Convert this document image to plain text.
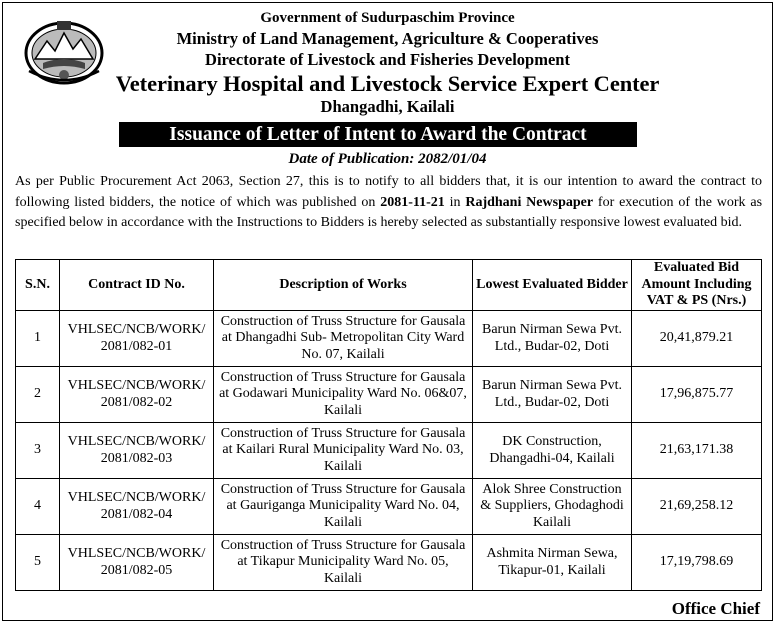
Government of Sudurpaschim Province
Ministry of Land Management, Agriculture & Cooperatives
Directorate of Livestock and Fisheries Development
Veterinary Hospital and Livestock Service Expert Center
Dhangadhi, Kailali
Issuance of Letter of Intent to Award the Contract
Date of Publication: 2082/01/04
As per Public Procurement Act 2063, Section 27, this is to notify to all bidders that, it is our intention to award the contract to following listed bidders, the notice of which was published on 2081-11-21 in Rajdhani Newspaper for execution of the work as specified below in accordance with the Instructions to Bidders is hereby selected as substantially responsive lowest evaluated bid.
S.N.	Contract ID No.	Description of Works	Lowest Evaluated Bidder	Evaluated Bid Amount Including VAT & PS (Nrs.)
1	VHLSEC/NCB/WORK/ 2081/082-01	Construction of Truss Structure for Gausala at Dhangadhi Sub- Metropolitan City Ward No. 07, Kailali	Barun Nirman Sewa Pvt. Ltd., Budar-02, Doti	20,41,879.21
2	VHLSEC/NCB/WORK/ 2081/082-02	Construction of Truss Structure for Gausala at Godawari Municipality Ward No. 06&07, Kailali	Barun Nirman Sewa Pvt. Ltd., Budar-02, Doti	17,96,875.77
3	VHLSEC/NCB/WORK/ 2081/082-03	Construction of Truss Structure for Gausala at Kailari Rural Municipality Ward No. 03, Kailali	DK Construction, Dhangadhi-04, Kailali	21,63,171.38
4	VHLSEC/NCB/WORK/ 2081/082-04	Construction of Truss Structure for Gausala at Gauriganga Municipality Ward No. 04, Kailali	Alok Shree Construction & Suppliers, Ghodaghodi Kailali	21,69,258.12
5	VHLSEC/NCB/WORK/ 2081/082-05	Construction of Truss Structure for Gausala at Tikapur Municipality Ward No. 05, Kailali	Ashmita Nirman Sewa, Tikapur-01, Kailali	17,19,798.69
Office Chief
